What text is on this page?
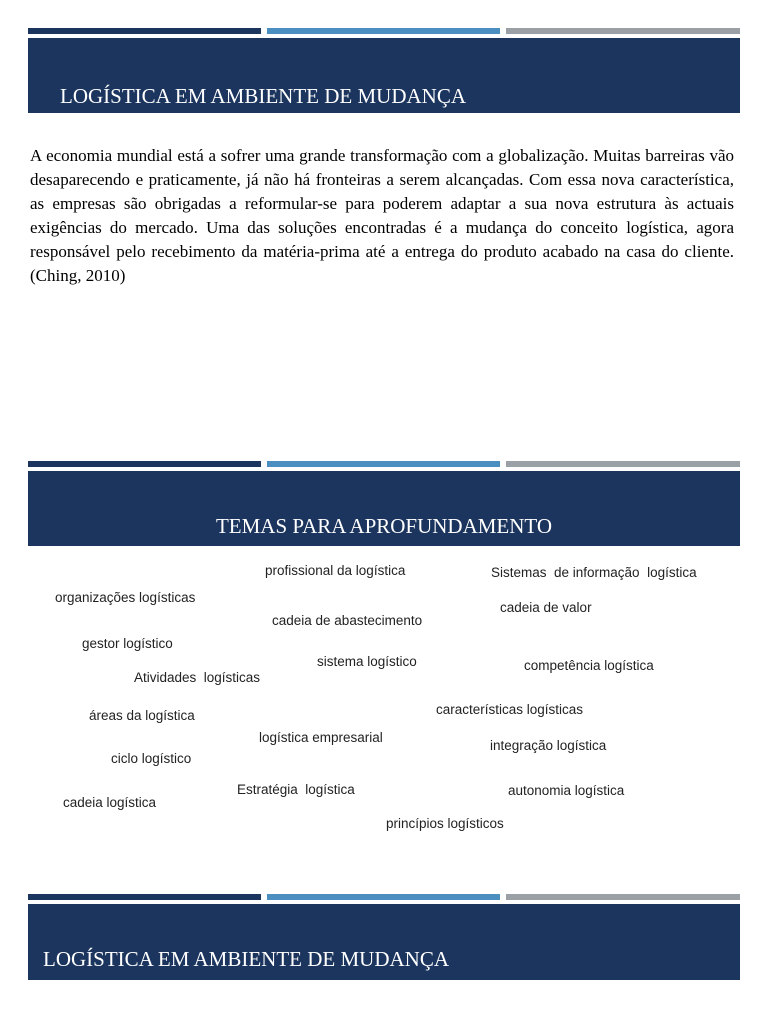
LOGÍSTICA EM AMBIENTE DE MUDANÇA

A economia mundial está a sofrer uma grande transformação com a globalização. Muitas barreiras vão desaparecendo e praticamente, já não há fronteiras a serem alcançadas. Com essa nova característica, as empresas são obrigadas a reformular-se para poderem adaptar a sua nova estrutura às actuais exigências do mercado. Uma das soluções encontradas é a mudança do conceito logística, agora responsável pelo recebimento da matéria-prima até a entrega do produto acabado na casa do cliente. (Ching, 2010)

TEMAS PARA APROFUNDAMENTO
profissional da logística	Sistemas  de informação  logística
organizações logísticas
cadeia de valor
cadeia de abastecimento
gestor logístico
sistema logístico	competência logística
Atividades  logísticas
características logísticas
áreas da logística
logística empresarial
integração logística
ciclo logístico
Estratégia  logística	autonomia logística
cadeia logística
princípios logísticos
LOGÍSTICA EM AMBIENTE DE MUDANÇA
